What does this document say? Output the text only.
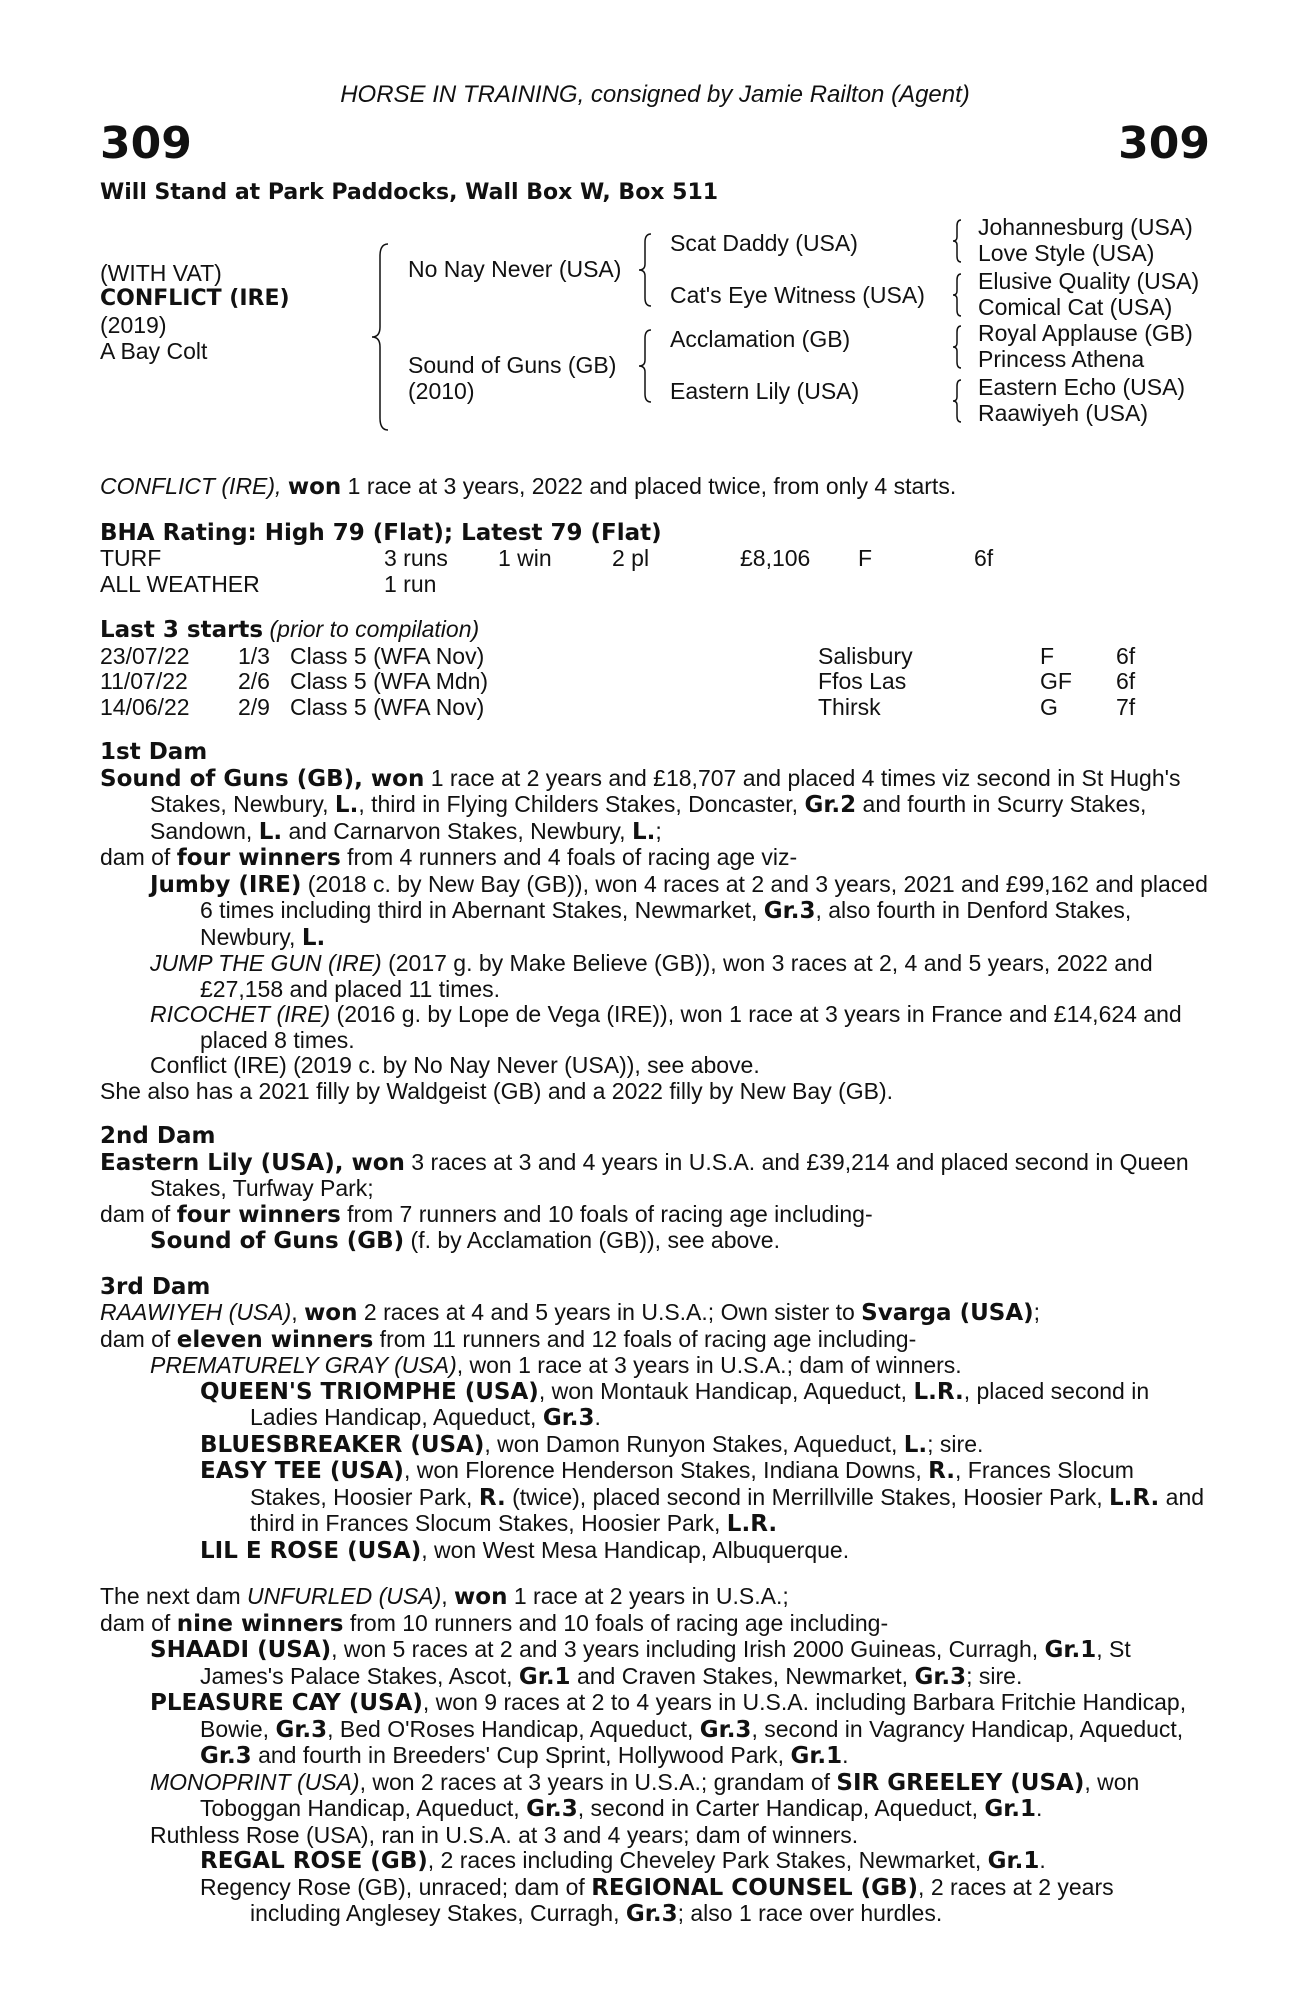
HORSE IN TRAINING, consigned by Jamie Railton (Agent)
309	309
Will Stand at Park Paddocks, Wall Box W, Box 511
(WITH VAT)
CONFLICT (IRE)
(2019)
A Bay Colt
No Nay Never (USA)
Sound of Guns (GB)
(2010)
Scat Daddy (USA)
Cat's Eye Witness (USA)
Acclamation (GB)
Eastern Lily (USA)
Johannesburg (USA)
Love Style (USA)
Elusive Quality (USA)
Comical Cat (USA)
Royal Applause (GB)
Princess Athena
Eastern Echo (USA)
Raawiyeh (USA)
CONFLICT (IRE), won 1 race at 3 years, 2022 and placed twice, from only 4 starts.
BHA Rating: High 79 (Flat); Latest 79 (Flat)
TURF	3 runs	1 win	2 pl	£8,106	F	6f
ALL WEATHER	1 run
Last 3 starts (prior to compilation)
23/07/22	1/3 Class 5 (WFA Nov)	Salisbury	F	6f
11/07/22	2/6 Class 5 (WFA Mdn)	Ffos Las	GF	6f
14/06/22	2/9 Class 5 (WFA Nov)	Thirsk	G	7f
1st Dam
Sound of Guns (GB), won 1 race at 2 years and £18,707 and placed 4 times viz second in St Hugh's Stakes, Newbury, L., third in Flying Childers Stakes, Doncaster, Gr.2 and fourth in Scurry Stakes, Sandown, L. and Carnarvon Stakes, Newbury, L.;
dam of four winners from 4 runners and 4 foals of racing age viz-
Jumby (IRE) (2018 c. by New Bay (GB)), won 4 races at 2 and 3 years, 2021 and £99,162 and placed 6 times including third in Abernant Stakes, Newmarket, Gr.3, also fourth in Denford Stakes, Newbury, L.
JUMP THE GUN (IRE) (2017 g. by Make Believe (GB)), won 3 races at 2, 4 and 5 years, 2022 and £27,158 and placed 11 times.
RICOCHET (IRE) (2016 g. by Lope de Vega (IRE)), won 1 race at 3 years in France and £14,624 and placed 8 times.
Conflict (IRE) (2019 c. by No Nay Never (USA)), see above.
She also has a 2021 filly by Waldgeist (GB) and a 2022 filly by New Bay (GB).
2nd Dam
Eastern Lily (USA), won 3 races at 3 and 4 years in U.S.A. and £39,214 and placed second in Queen Stakes, Turfway Park;
dam of four winners from 7 runners and 10 foals of racing age including-
Sound of Guns (GB) (f. by Acclamation (GB)), see above.
3rd Dam
RAAWIYEH (USA), won 2 races at 4 and 5 years in U.S.A.; Own sister to Svarga (USA);
dam of eleven winners from 11 runners and 12 foals of racing age including-
PREMATURELY GRAY (USA), won 1 race at 3 years in U.S.A.; dam of winners.
QUEEN'S TRIOMPHE (USA), won Montauk Handicap, Aqueduct, L.R., placed second in Ladies Handicap, Aqueduct, Gr.3.
BLUESBREAKER (USA), won Damon Runyon Stakes, Aqueduct, L.; sire.
EASY TEE (USA), won Florence Henderson Stakes, Indiana Downs, R., Frances Slocum Stakes, Hoosier Park, R. (twice), placed second in Merrillville Stakes, Hoosier Park, L.R. and third in Frances Slocum Stakes, Hoosier Park, L.R.
LIL E ROSE (USA), won West Mesa Handicap, Albuquerque.
The next dam UNFURLED (USA), won 1 race at 2 years in U.S.A.;
dam of nine winners from 10 runners and 10 foals of racing age including-
SHAADI (USA), won 5 races at 2 and 3 years including Irish 2000 Guineas, Curragh, Gr.1, St James's Palace Stakes, Ascot, Gr.1 and Craven Stakes, Newmarket, Gr.3; sire.
PLEASURE CAY (USA), won 9 races at 2 to 4 years in U.S.A. including Barbara Fritchie Handicap, Bowie, Gr.3, Bed O'Roses Handicap, Aqueduct, Gr.3, second in Vagrancy Handicap, Aqueduct, Gr.3 and fourth in Breeders' Cup Sprint, Hollywood Park, Gr.1.
MONOPRINT (USA), won 2 races at 3 years in U.S.A.; grandam of SIR GREELEY (USA), won Toboggan Handicap, Aqueduct, Gr.3, second in Carter Handicap, Aqueduct, Gr.1.
Ruthless Rose (USA), ran in U.S.A. at 3 and 4 years; dam of winners.
REGAL ROSE (GB), 2 races including Cheveley Park Stakes, Newmarket, Gr.1.
Regency Rose (GB), unraced; dam of REGIONAL COUNSEL (GB), 2 races at 2 years including Anglesey Stakes, Curragh, Gr.3; also 1 race over hurdles.
